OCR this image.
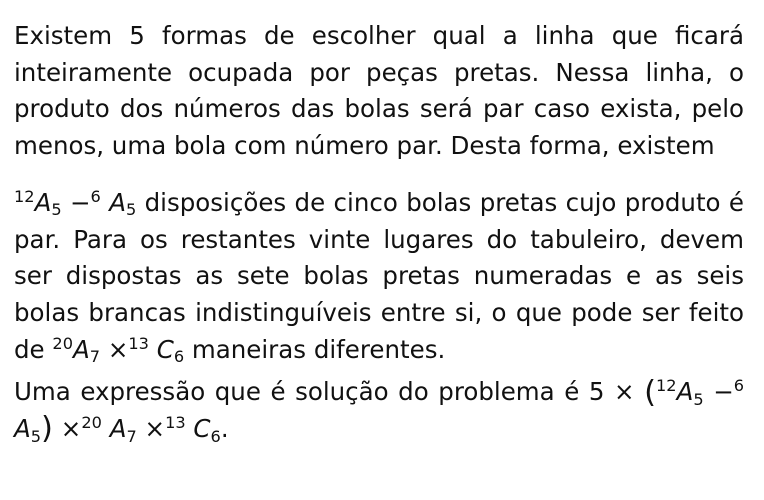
Existem 5 formas de escolher qual a linha que ficará inteiramente ocupada por peças pretas. Nessa linha, o produto dos números das bolas será par caso exista, pelo menos, uma bola com número par. Desta forma, existem

$^{12}A_5 -^6$ $A_5$ disposições de cinco bolas pretas cujo produto é par. Para os restantes vinte lugares do tabuleiro, devem ser dispostas as sete bolas pretas numeradas e as seis bolas brancas indistinguíveis entre si, o que pode ser feito de $^{20}A_7 \times^{13}$ $C_6$ maneiras diferentes.

Uma expressão que é solução do problema é $5 \times (^{12}A_5 -^6$ $A_5) \times^{20}$ $A_7 \times^{13}$ $C_6$.
